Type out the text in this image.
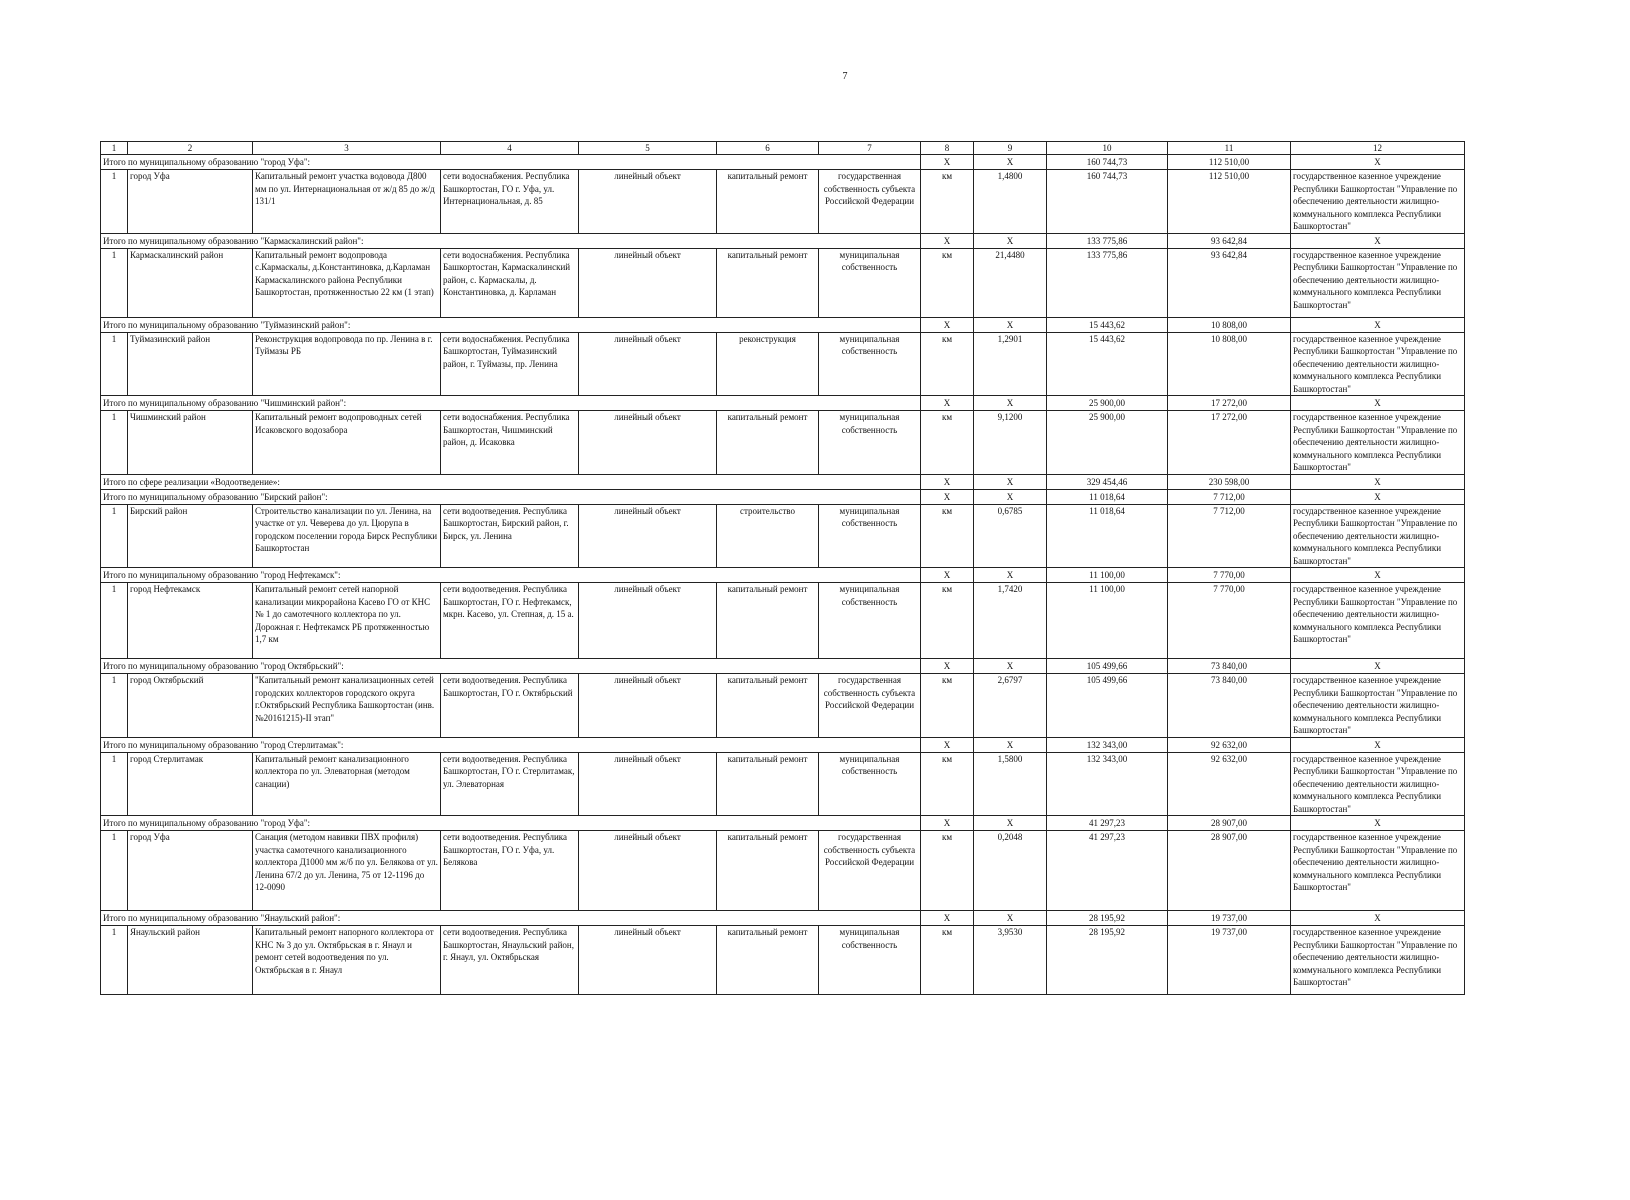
7
1	2	3	4	5	6	7	8	9	10	11	12
Итого по муниципальному образованию "город Уфа":							Х	Х	160 744,73	112 510,00	Х
1	город Уфа	Капитальный ремонт участка водовода Д800 мм по ул. Интернациональная от ж/д 85 до ж/д 131/1	сети водоснабжения. Республика Башкортостан, ГО г. Уфа, ул. Интернациональная, д. 85	линейный объект	капитальный ремонт	государственная собственность субъекта Российской Федерации	км	1,4800	160 744,73	112 510,00	государственное казенное учреждение Республики Башкортостан "Управление по обеспечению деятельности жилищно-коммунального комплекса Республики Башкортостан"
Итого по муниципальному образованию "Кармаскалинский район":							Х	Х	133 775,86	93 642,84	Х
1	Кармаскалинский район	Капитальный ремонт водопровода с.Кармаскалы, д.Константиновка, д.Карламан Кармаскалинского района Республики Башкортостан, протяженностью 22 км (1 этап)	сети водоснабжения. Республика Башкортостан, Кармаскалинский район, с. Кармаскалы, д. Константиновка, д. Карламан	линейный объект	капитальный ремонт	муниципальная собственность	км	21,4480	133 775,86	93 642,84	государственное казенное учреждение Республики Башкортостан "Управление по обеспечению деятельности жилищно-коммунального комплекса Республики Башкортостан"
Итого по муниципальному образованию "Туймазинский район":							Х	Х	15 443,62	10 808,00	Х
1	Туймазинский район	Реконструкция водопровода по пр. Ленина в г. Туймазы РБ	сети водоснабжения. Республика Башкортостан, Туймазинский район, г. Туймазы, пр. Ленина	линейный объект	реконструкция	муниципальная собственность	км	1,2901	15 443,62	10 808,00	государственное казенное учреждение Республики Башкортостан "Управление по обеспечению деятельности жилищно-коммунального комплекса Республики Башкортостан"
Итого по муниципальному образованию "Чишминский район":							Х	Х	25 900,00	17 272,00	Х
1	Чишминский район	Капитальный ремонт водопроводных сетей Исаковского водозабора	сети водоснабжения. Республика Башкортостан, Чишминский район, д. Исаковка	линейный объект	капитальный ремонт	муниципальная собственность	км	9,1200	25 900,00	17 272,00	государственное казенное учреждение Республики Башкортостан "Управление по обеспечению деятельности жилищно-коммунального комплекса Республики Башкортостан"
Итого по сфере реализации «Водоотведение»:							Х	Х	329 454,46	230 598,00	Х
Итого по муниципальному образованию "Бирский район":							Х	Х	11 018,64	7 712,00	Х
1	Бирский район	Строительство канализации по ул. Ленина, на участке от ул. Чеверева до ул. Цюрупа в городском поселении города Бирск Республики Башкортостан	сети водоотведения. Республика Башкортостан, Бирский район, г. Бирск, ул. Ленина	линейный объект	строительство	муниципальная собственность	км	0,6785	11 018,64	7 712,00	государственное казенное учреждение Республики Башкортостан "Управление по обеспечению деятельности жилищно-коммунального комплекса Республики Башкортостан"
Итого по муниципальному образованию "город Нефтекамск":							Х	Х	11 100,00	7 770,00	Х
1	город Нефтекамск	Капитальный ремонт сетей напорной канализации микрорайона Касево ГО от КНС № 1 до самотечного коллектора по ул. Дорожная г. Нефтекамск РБ протяженностью 1,7 км	сети водоотведения. Республика Башкортостан, ГО г. Нефтекамск, мкрн. Касево, ул. Степная, д. 15 а.	линейный объект	капитальный ремонт	муниципальная собственность	км	1,7420	11 100,00	7 770,00	государственное казенное учреждение Республики Башкортостан "Управление по обеспечению деятельности жилищно-коммунального комплекса Республики Башкортостан"
Итого по муниципальному образованию "город Октябрьский":							Х	Х	105 499,66	73 840,00	Х
1	город Октябрьский	"Капитальный ремонт канализационных сетей городских коллекторов городского округа г.Октябрьский Республика Башкортостан (инв. №20161215)-II этап"	сети водоотведения. Республика Башкортостан, ГО г. Октябрьский	линейный объект	капитальный ремонт	государственная собственность субъекта Российской Федерации	км	2,6797	105 499,66	73 840,00	государственное казенное учреждение Республики Башкортостан "Управление по обеспечению деятельности жилищно-коммунального комплекса Республики Башкортостан"
Итого по муниципальному образованию "город Стерлитамак":							Х	Х	132 343,00	92 632,00	Х
1	город Стерлитамак	Капитальный ремонт канализационного коллектора по ул. Элеваторная (методом санации)	сети водоотведения. Республика Башкортостан, ГО г. Стерлитамак, ул. Элеваторная	линейный объект	капитальный ремонт	муниципальная собственность	км	1,5800	132 343,00	92 632,00	государственное казенное учреждение Республики Башкортостан "Управление по обеспечению деятельности жилищно-коммунального комплекса Республики Башкортостан"
Итого по муниципальному образованию "город Уфа":							Х	Х	41 297,23	28 907,00	Х
1	город Уфа	Санация (методом навивки ПВХ профиля) участка самотечного канализационного коллектора Д1000 мм ж/б по ул. Белякова от ул. Ленина 67/2 до ул. Ленина, 75 от 12-1196 до 12-0090	сети водоотведения. Республика Башкортостан, ГО г. Уфа, ул. Белякова	линейный объект	капитальный ремонт	государственная собственность субъекта Российской Федерации	км	0,2048	41 297,23	28 907,00	государственное казенное учреждение Республики Башкортостан "Управление по обеспечению деятельности жилищно-коммунального комплекса Республики Башкортостан"
Итого по муниципальному образованию "Янаульский район":							Х	Х	28 195,92	19 737,00	Х
1	Янаульский район	Капитальный ремонт напорного коллектора от КНС № 3 до ул. Октябрьская в г. Янаул и ремонт сетей водоотведения по ул. Октябрьская в г. Янаул	сети водоотведения. Республика Башкортостан, Янаульский район, г. Янаул, ул. Октябрьская	линейный объект	капитальный ремонт	муниципальная собственность	км	3,9530	28 195,92	19 737,00	государственное казенное учреждение Республики Башкортостан "Управление по обеспечению деятельности жилищно-коммунального комплекса Республики Башкортостан"
